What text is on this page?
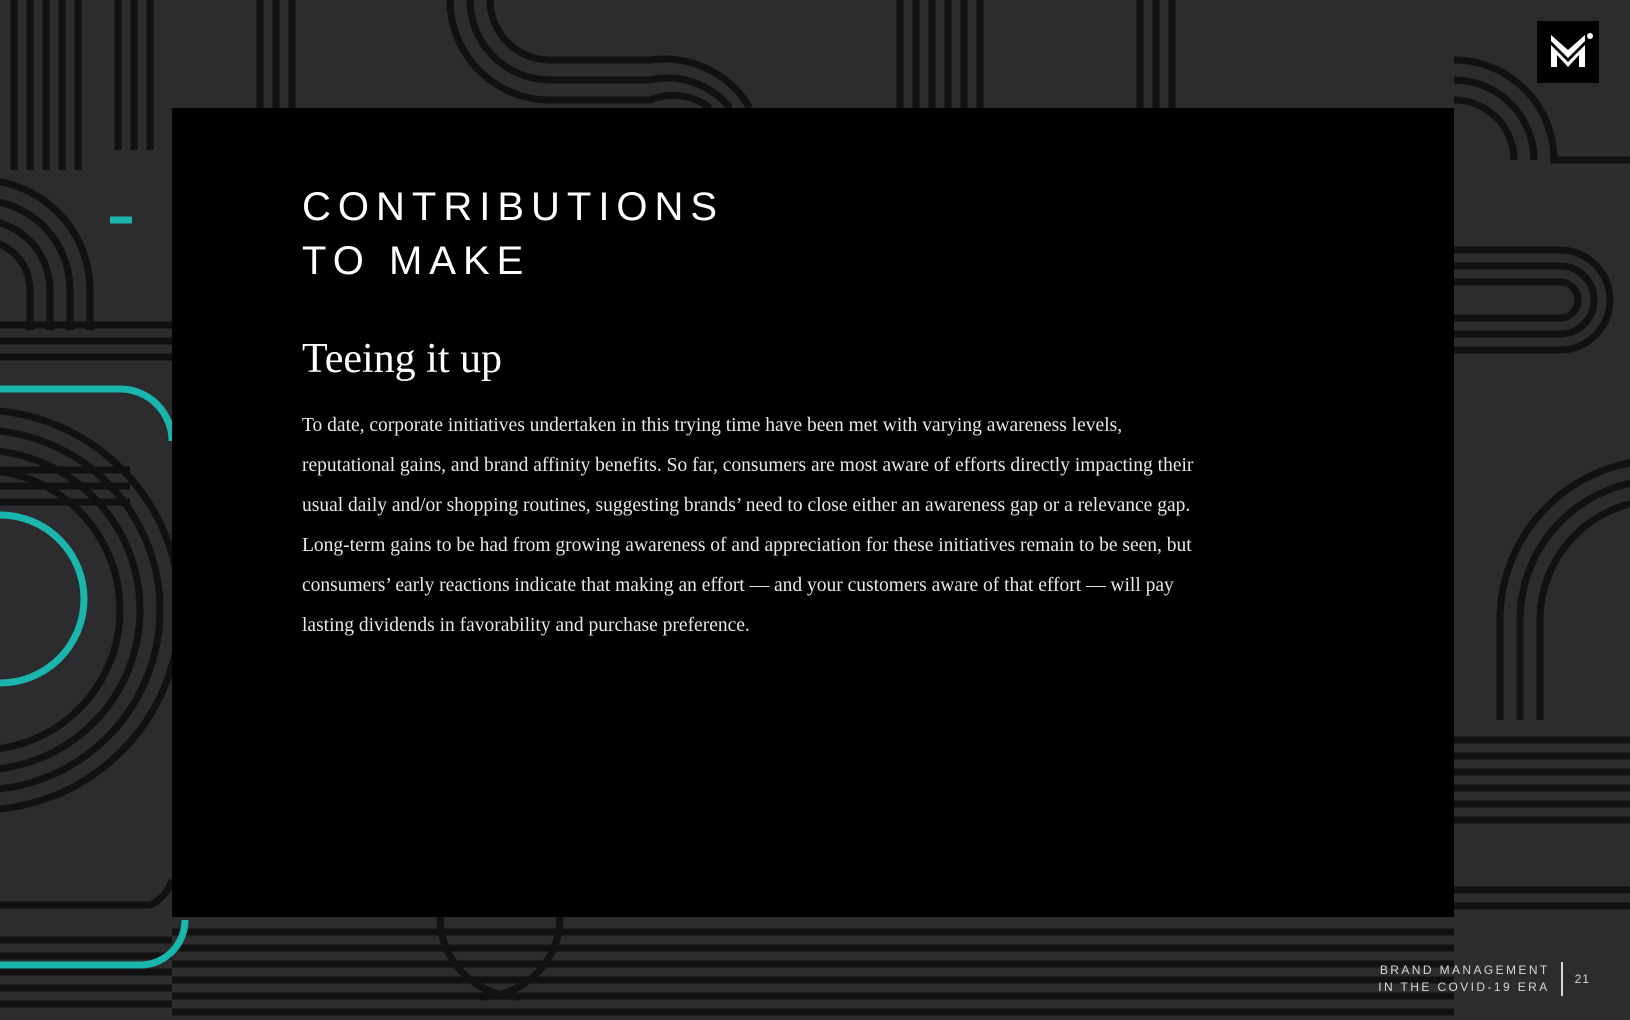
CONTRIBUTIONS
TO MAKE
Teeing it up

To date, corporate initiatives undertaken in this trying time have been met with varying awareness levels, reputational gains, and brand affinity benefits. So far, consumers are most aware of efforts directly impacting their usual daily and/or shopping routines, suggesting brands’ need to close either an awareness gap or a relevance gap. Long-term gains to be had from growing awareness of and appreciation for these initiatives remain to be seen, but consumers’ early reactions indicate that making an effort — and your customers aware of that effort — will pay lasting dividends in favorability and purchase preference.

BRAND MANAGEMENT
IN THE COVID-19 ERA
21
